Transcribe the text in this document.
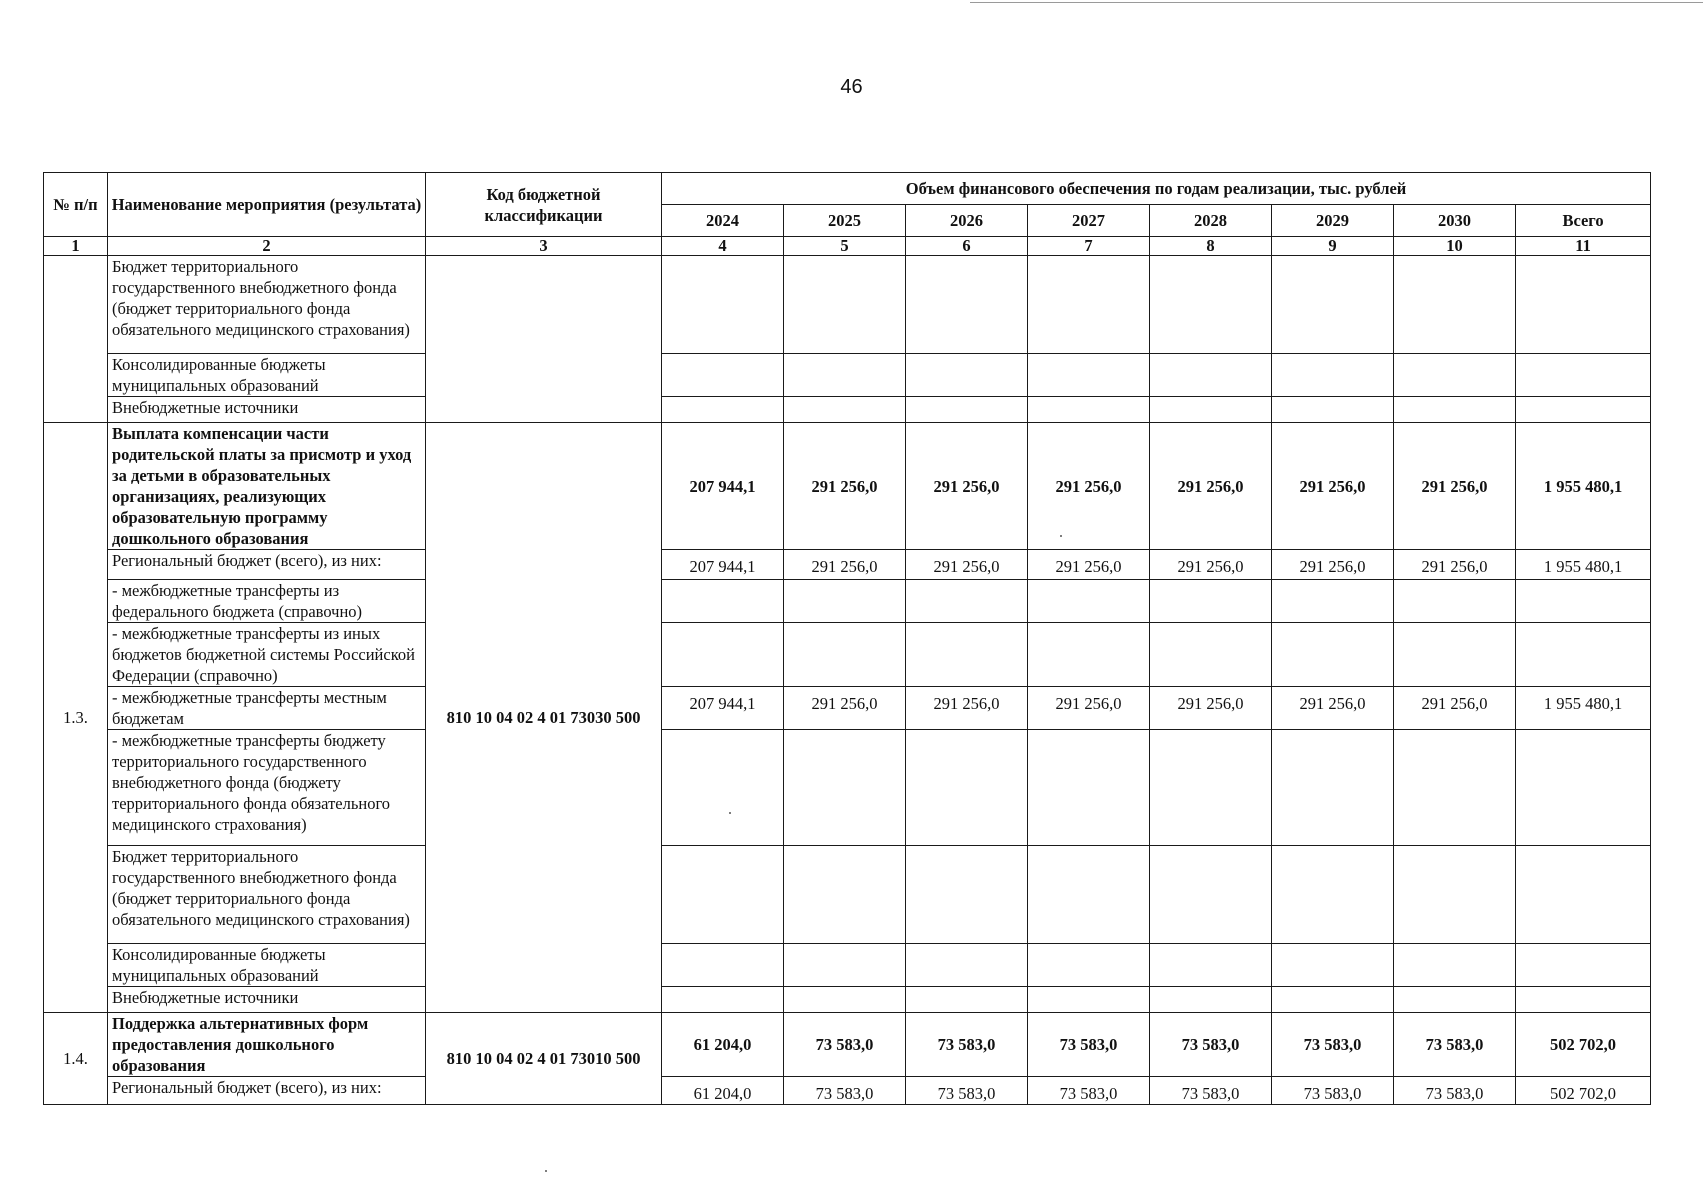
46
№ п/п	Наименование мероприятия (результата)	Код бюджетной классификации	Объем финансового обеспечения по годам реализации, тыс. рублей							
			2024	2025	2026	2027	2028	2029	2030	Всего
1	2	3	4	5	6	7	8	9	10	11
	Бюджет территориального государственного внебюджетного фонда (бюджет территориального фонда обязательного медицинского страхования)									
	Консолидированные бюджеты муниципальных образований									
	Внебюджетные источники									
1.3.	Выплата компенсации части родительской платы за присмотр и уход за детьми в образовательных организациях, реализующих образовательную программу дошкольного образования	810 10 04 02 4 01 73030 500	207 944,1	291 256,0	291 256,0	291 256,0	291 256,0	291 256,0	291 256,0	1 955 480,1
	Региональный бюджет (всего), из них:		207 944,1	291 256,0	291 256,0	291 256,0	291 256,0	291 256,0	291 256,0	1 955 480,1
	- межбюджетные трансферты из федерального бюджета (справочно)									
	- межбюджетные трансферты из иных бюджетов бюджетной системы Российской Федерации (справочно)									
	- межбюджетные трансферты местным бюджетам		207 944,1	291 256,0	291 256,0	291 256,0	291 256,0	291 256,0	291 256,0	1 955 480,1
	- межбюджетные трансферты бюджету территориального государственного внебюджетного фонда (бюджету территориального фонда обязательного медицинского страхования)									
	Бюджет территориального государственного внебюджетного фонда (бюджет территориального фонда обязательного медицинского страхования)									
	Консолидированные бюджеты муниципальных образований									
	Внебюджетные источники									
1.4.	Поддержка альтернативных форм предоставления дошкольного образования	810 10 04 02 4 01 73010 500	61 204,0	73 583,0	73 583,0	73 583,0	73 583,0	73 583,0	73 583,0	502 702,0
	Региональный бюджет (всего), из них:		61 204,0	73 583,0	73 583,0	73 583,0	73 583,0	73 583,0	73 583,0	502 702,0
